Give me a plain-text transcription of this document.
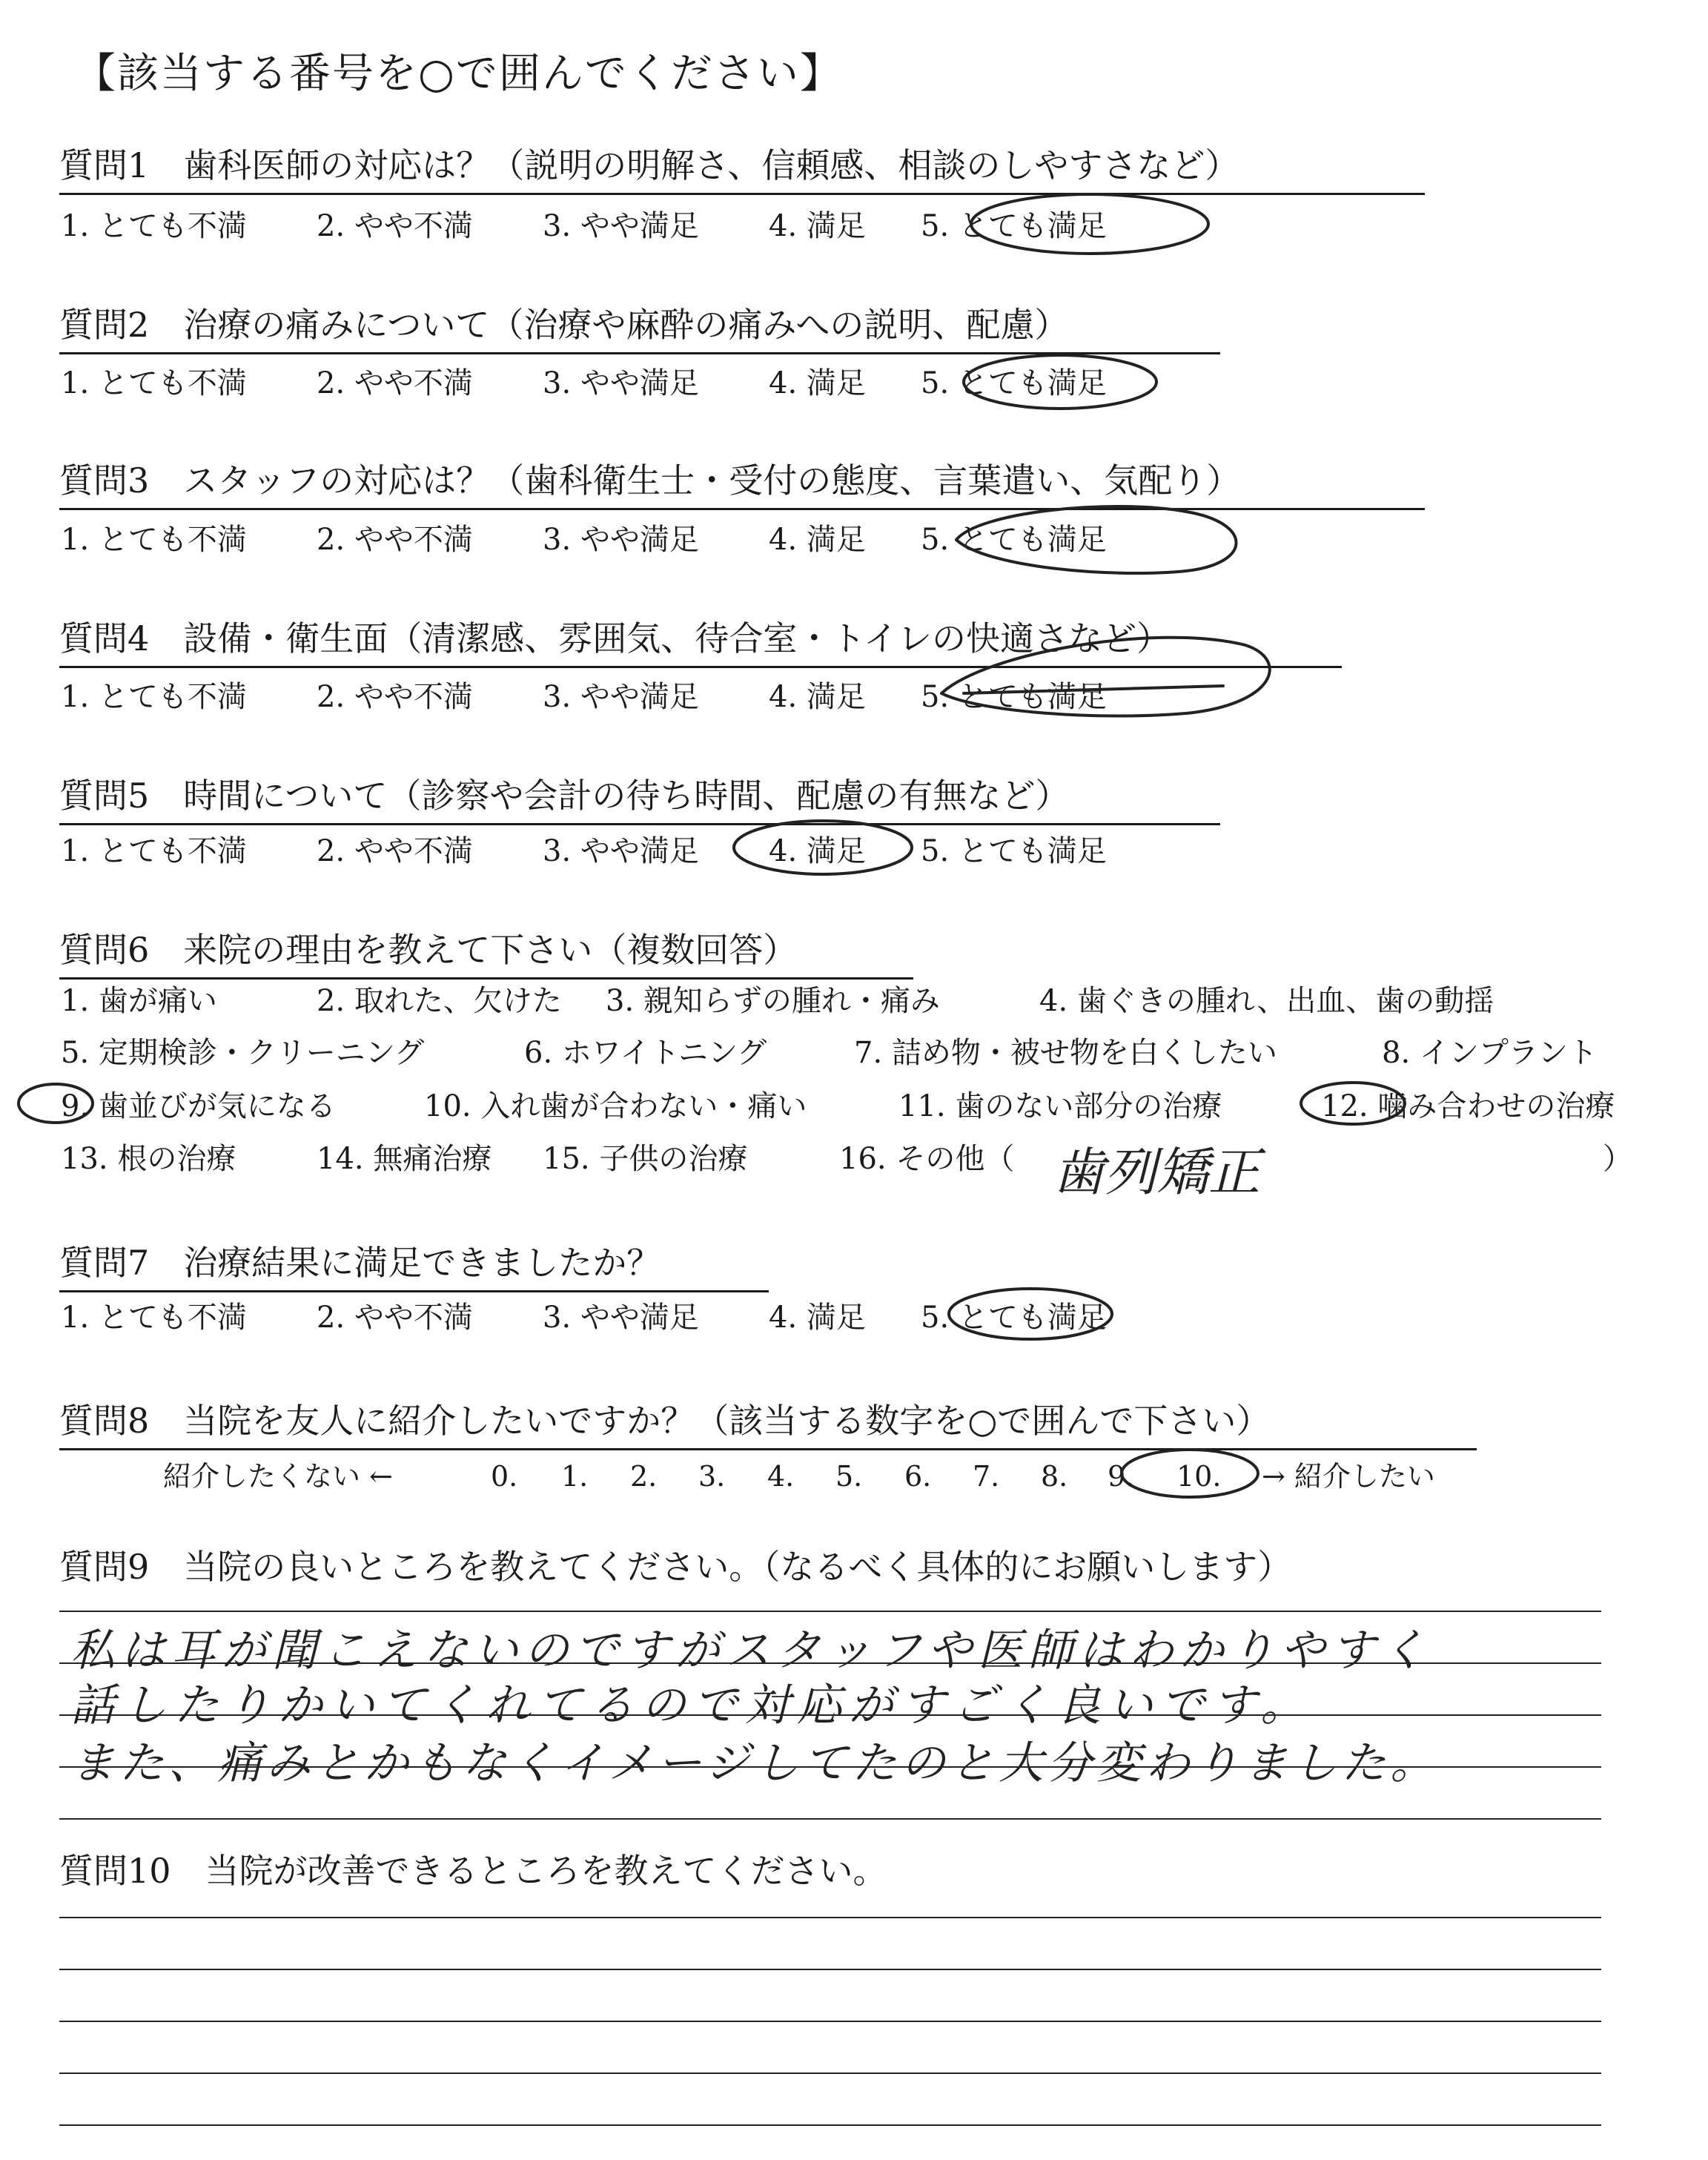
【該当する番号を○で囲んでください】
質問1　歯科医師の対応は？（説明の明解さ、信頼感、相談のしやすさなど）
1. とても不満 2. やや不満 3. やや満足 4. 満足 5. とても満足
質問2　治療の痛みについて（治療や麻酔の痛みへの説明、配慮）
1. とても不満 2. やや不満 3. やや満足 4. 満足 5. とても満足
質問3　スタッフの対応は？（歯科衛生士・受付の態度、言葉遣い、気配り）
1. とても不満 2. やや不満 3. やや満足 4. 満足 5. とても満足
質問4　設備・衛生面（清潔感、雰囲気、待合室・トイレの快適さなど）
1. とても不満 2. やや不満 3. やや満足 4. 満足 5. とても満足
質問5　時間について（診察や会計の待ち時間、配慮の有無など）
1. とても不満 2. やや不満 3. やや満足 4. 満足 5. とても満足
質問6　来院の理由を教えて下さい（複数回答）
1. 歯が痛い	2. 取れた、欠けた 3. 親知らずの腫れ・痛み	4. 歯ぐきの腫れ、出血、歯の動揺
5. 定期検診・クリーニング	6. ホワイトニング	7. 詰め物・被せ物を白くしたい	8. インプラント
9. 歯並びが気になる	10. 入れ歯が合わない・痛い	11. 歯のない部分の治療	12. 噛み合わせの治療
13. 根の治療	14. 無痛治療 15. 子供の治療	16. その他（	）
歯列矯正
質問7　治療結果に満足できましたか？
1. とても不満 2. やや不満 3. やや満足 4. 満足 5. とても満足
質問8　当院を友人に紹介したいですか？（該当する数字を○で囲んで下さい）
紹介したくない ←	0. 1. 2. 3. 4. 5. 6. 7. 8. 9. 10. → 紹介したい
質問9　当院の良いところを教えてください。（なるべく具体的にお願いします）
私は耳が聞こえないのですがスタッフや医師はわかりやすく
話したりかいてくれてるので対応がすごく良いです。
また、痛みとかもなくイメージしてたのと大分変わりました。
質問10　当院が改善できるところを教えてください。
